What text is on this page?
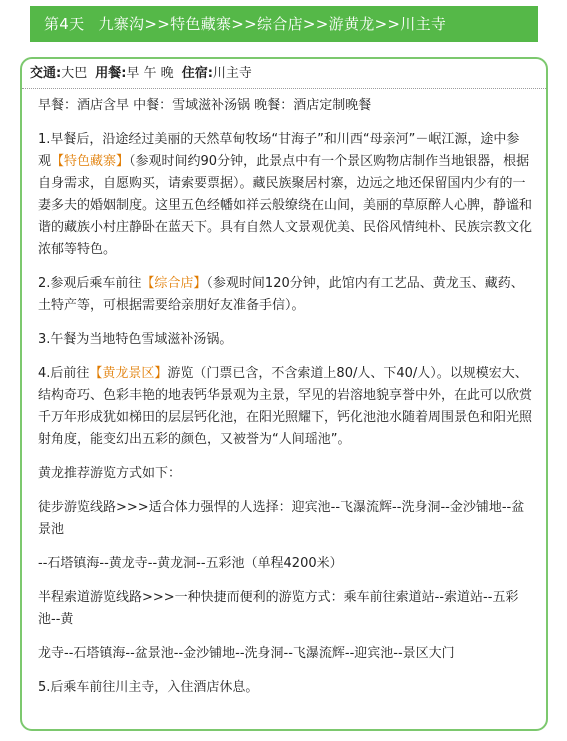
第4天 九寨沟>>特色藏寨>>综合店>>游黄龙>>川主寺
交通:大巴 用餐:早 午 晚 住宿:川主寺

早餐：酒店含早 中餐：雪域滋补汤锅 晚餐：酒店定制晚餐

1.早餐后，沿途经过美丽的天然草甸牧场“甘海子”和川西“母亲河”－岷江源，途中参观【特色藏寨】（参观时间约90分钟，此景点中有一个景区购物店制作当地银器，根据自身需求，自愿购买，请索要票据）。藏民族聚居村寨，边远之地还保留国内少有的一妻多夫的婚姻制度。这里五色经幡如祥云般缭绕在山间，美丽的草原醉人心脾，静谧和谐的藏族小村庄静卧在蓝天下。具有自然人文景观优美、民俗风情纯朴、民族宗教文化浓郁等特色。

2.参观后乘车前往【综合店】（参观时间120分钟，此馆内有工艺品、黄龙玉、藏药、土特产等，可根据需要给亲朋好友准备手信）。

3.午餐为当地特色雪域滋补汤锅。

4.后前往【黄龙景区】游览（门票已含，不含索道上80/人、下40/人）。以规模宏大、结构奇巧、色彩丰艳的地表钙华景观为主景，罕见的岩溶地貌享誉中外，在此可以欣赏千万年形成犹如梯田的层层钙化池，在阳光照耀下，钙化池池水随着周围景色和阳光照射角度，能变幻出五彩的颜色，又被誉为“人间瑶池”。

黄龙推荐游览方式如下：

徒步游览线路>>>适合体力强悍的人选择：迎宾池--飞瀑流辉--洗身洞--金沙铺地--盆景池

--石塔镇海--黄龙寺--黄龙洞--五彩池（单程4200米）

半程索道游览线路>>>一种快捷而便利的游览方式：乘车前往索道站--索道站--五彩池--黄

龙寺--石塔镇海--盆景池--金沙铺地--洗身洞--飞瀑流辉--迎宾池--景区大门

5.后乘车前往川主寺，入住酒店休息。
